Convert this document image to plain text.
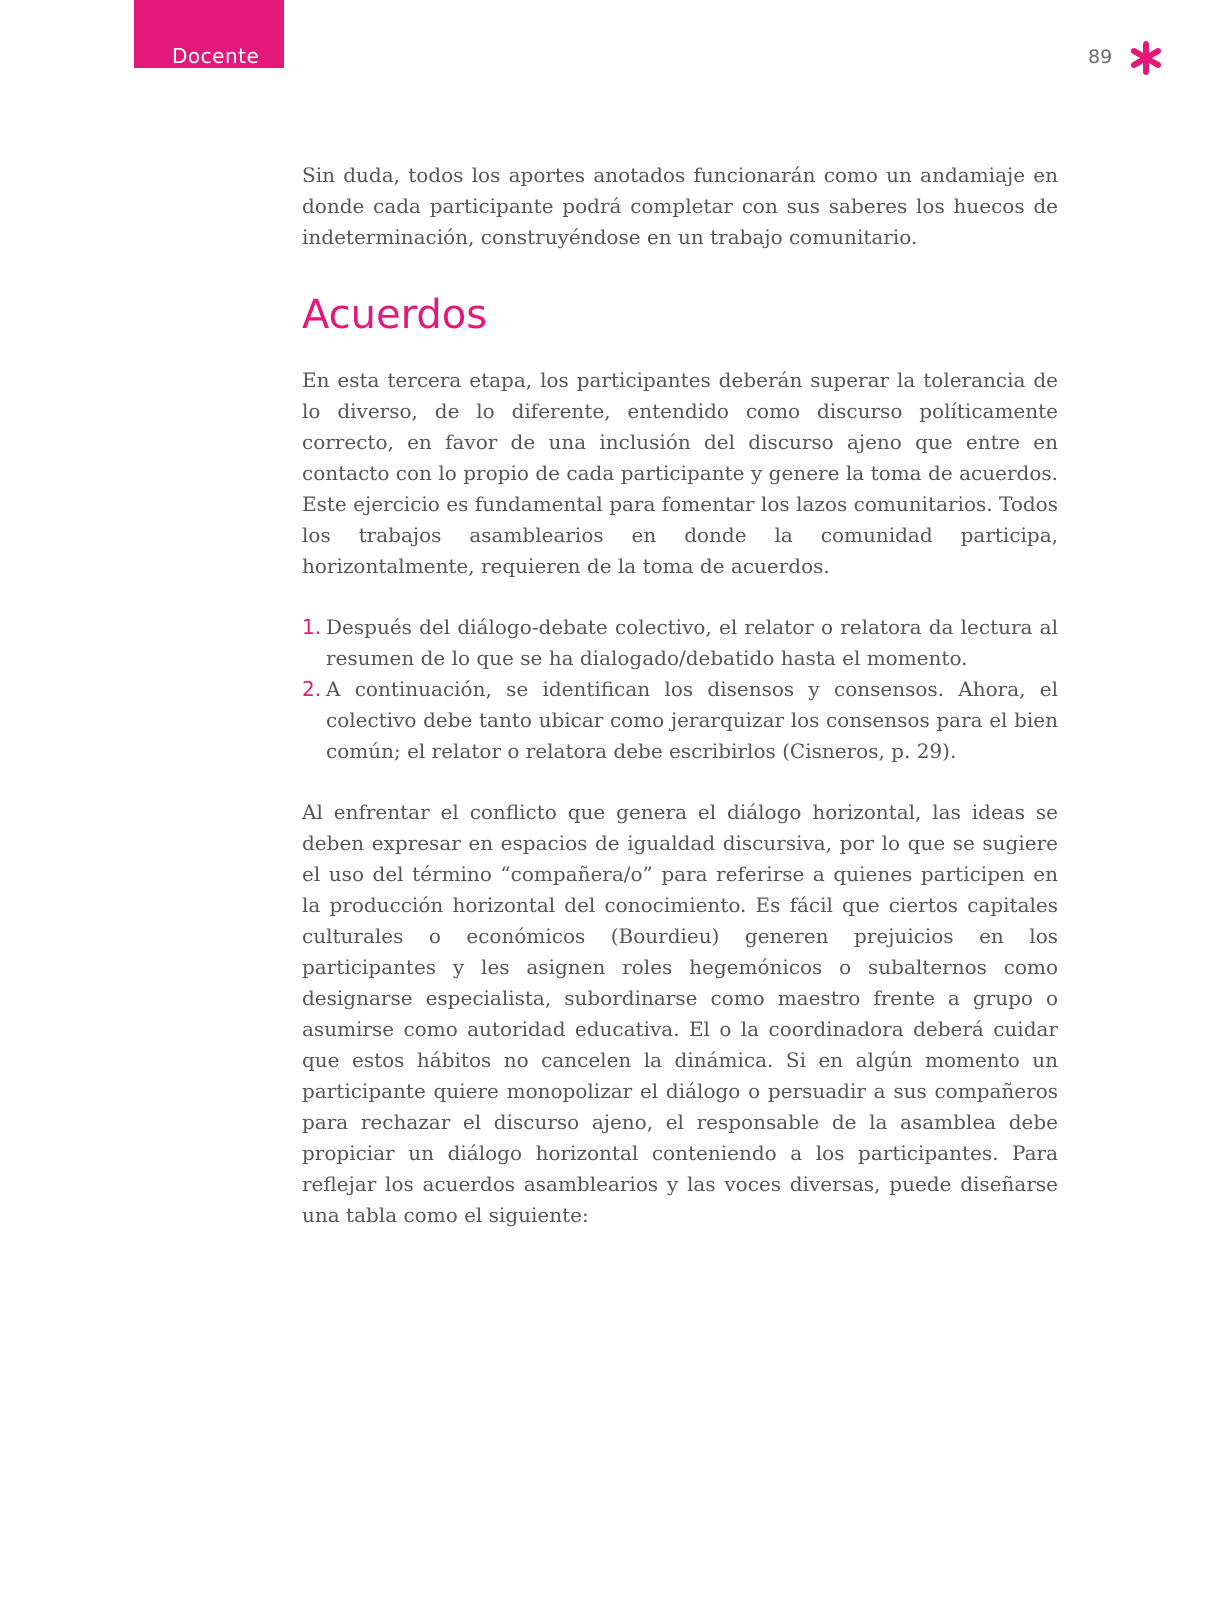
Docente	89

Sin duda, todos los aportes anotados funcionarán como un andamiaje en donde cada participante podrá completar con sus saberes los huecos de indeterminación, construyéndose en un trabajo comunitario.

Acuerdos

En esta tercera etapa, los participantes deberán superar la tolerancia de lo diverso, de lo diferente, entendido como discurso políticamente correcto, en favor de una inclusión del discurso ajeno que entre en contacto con lo propio de cada participante y genere la toma de acuerdos. Este ejercicio es fundamental para fomentar los lazos comunitarios. Todos los trabajos asamblearios en donde la comunidad participa, horizontalmente, requieren de la toma de acuerdos.

1. Después del diálogo-debate colectivo, el relator o relatora da lectura al resumen de lo que se ha dialogado/debatido hasta el momento.
2. A continuación, se identifican los disensos y consensos. Ahora, el colectivo debe tanto ubicar como jerarquizar los consensos para el bien común; el relator o relatora debe escribirlos (Cisneros, p. 29).

Al enfrentar el conflicto que genera el diálogo horizontal, las ideas se deben expresar en espacios de igualdad discursiva, por lo que se sugiere el uso del término “compañera/o” para referirse a quienes participen en la producción horizontal del conocimiento. Es fácil que ciertos capitales culturales o económicos (Bourdieu) generen prejuicios en los participantes y les asignen roles hegemónicos o subalternos como designarse especialista, subordinarse como maestro frente a grupo o asumirse como autoridad educativa. El o la coordinadora deberá cuidar que estos hábitos no cancelen la dinámica. Si en algún momento un participante quiere monopolizar el diálogo o persuadir a sus compañeros para rechazar el discurso ajeno, el responsable de la asamblea debe propiciar un diálogo horizontal conteniendo a los participantes. Para reflejar los acuerdos asamblearios y las voces diversas, puede diseñarse una tabla como el siguiente:
